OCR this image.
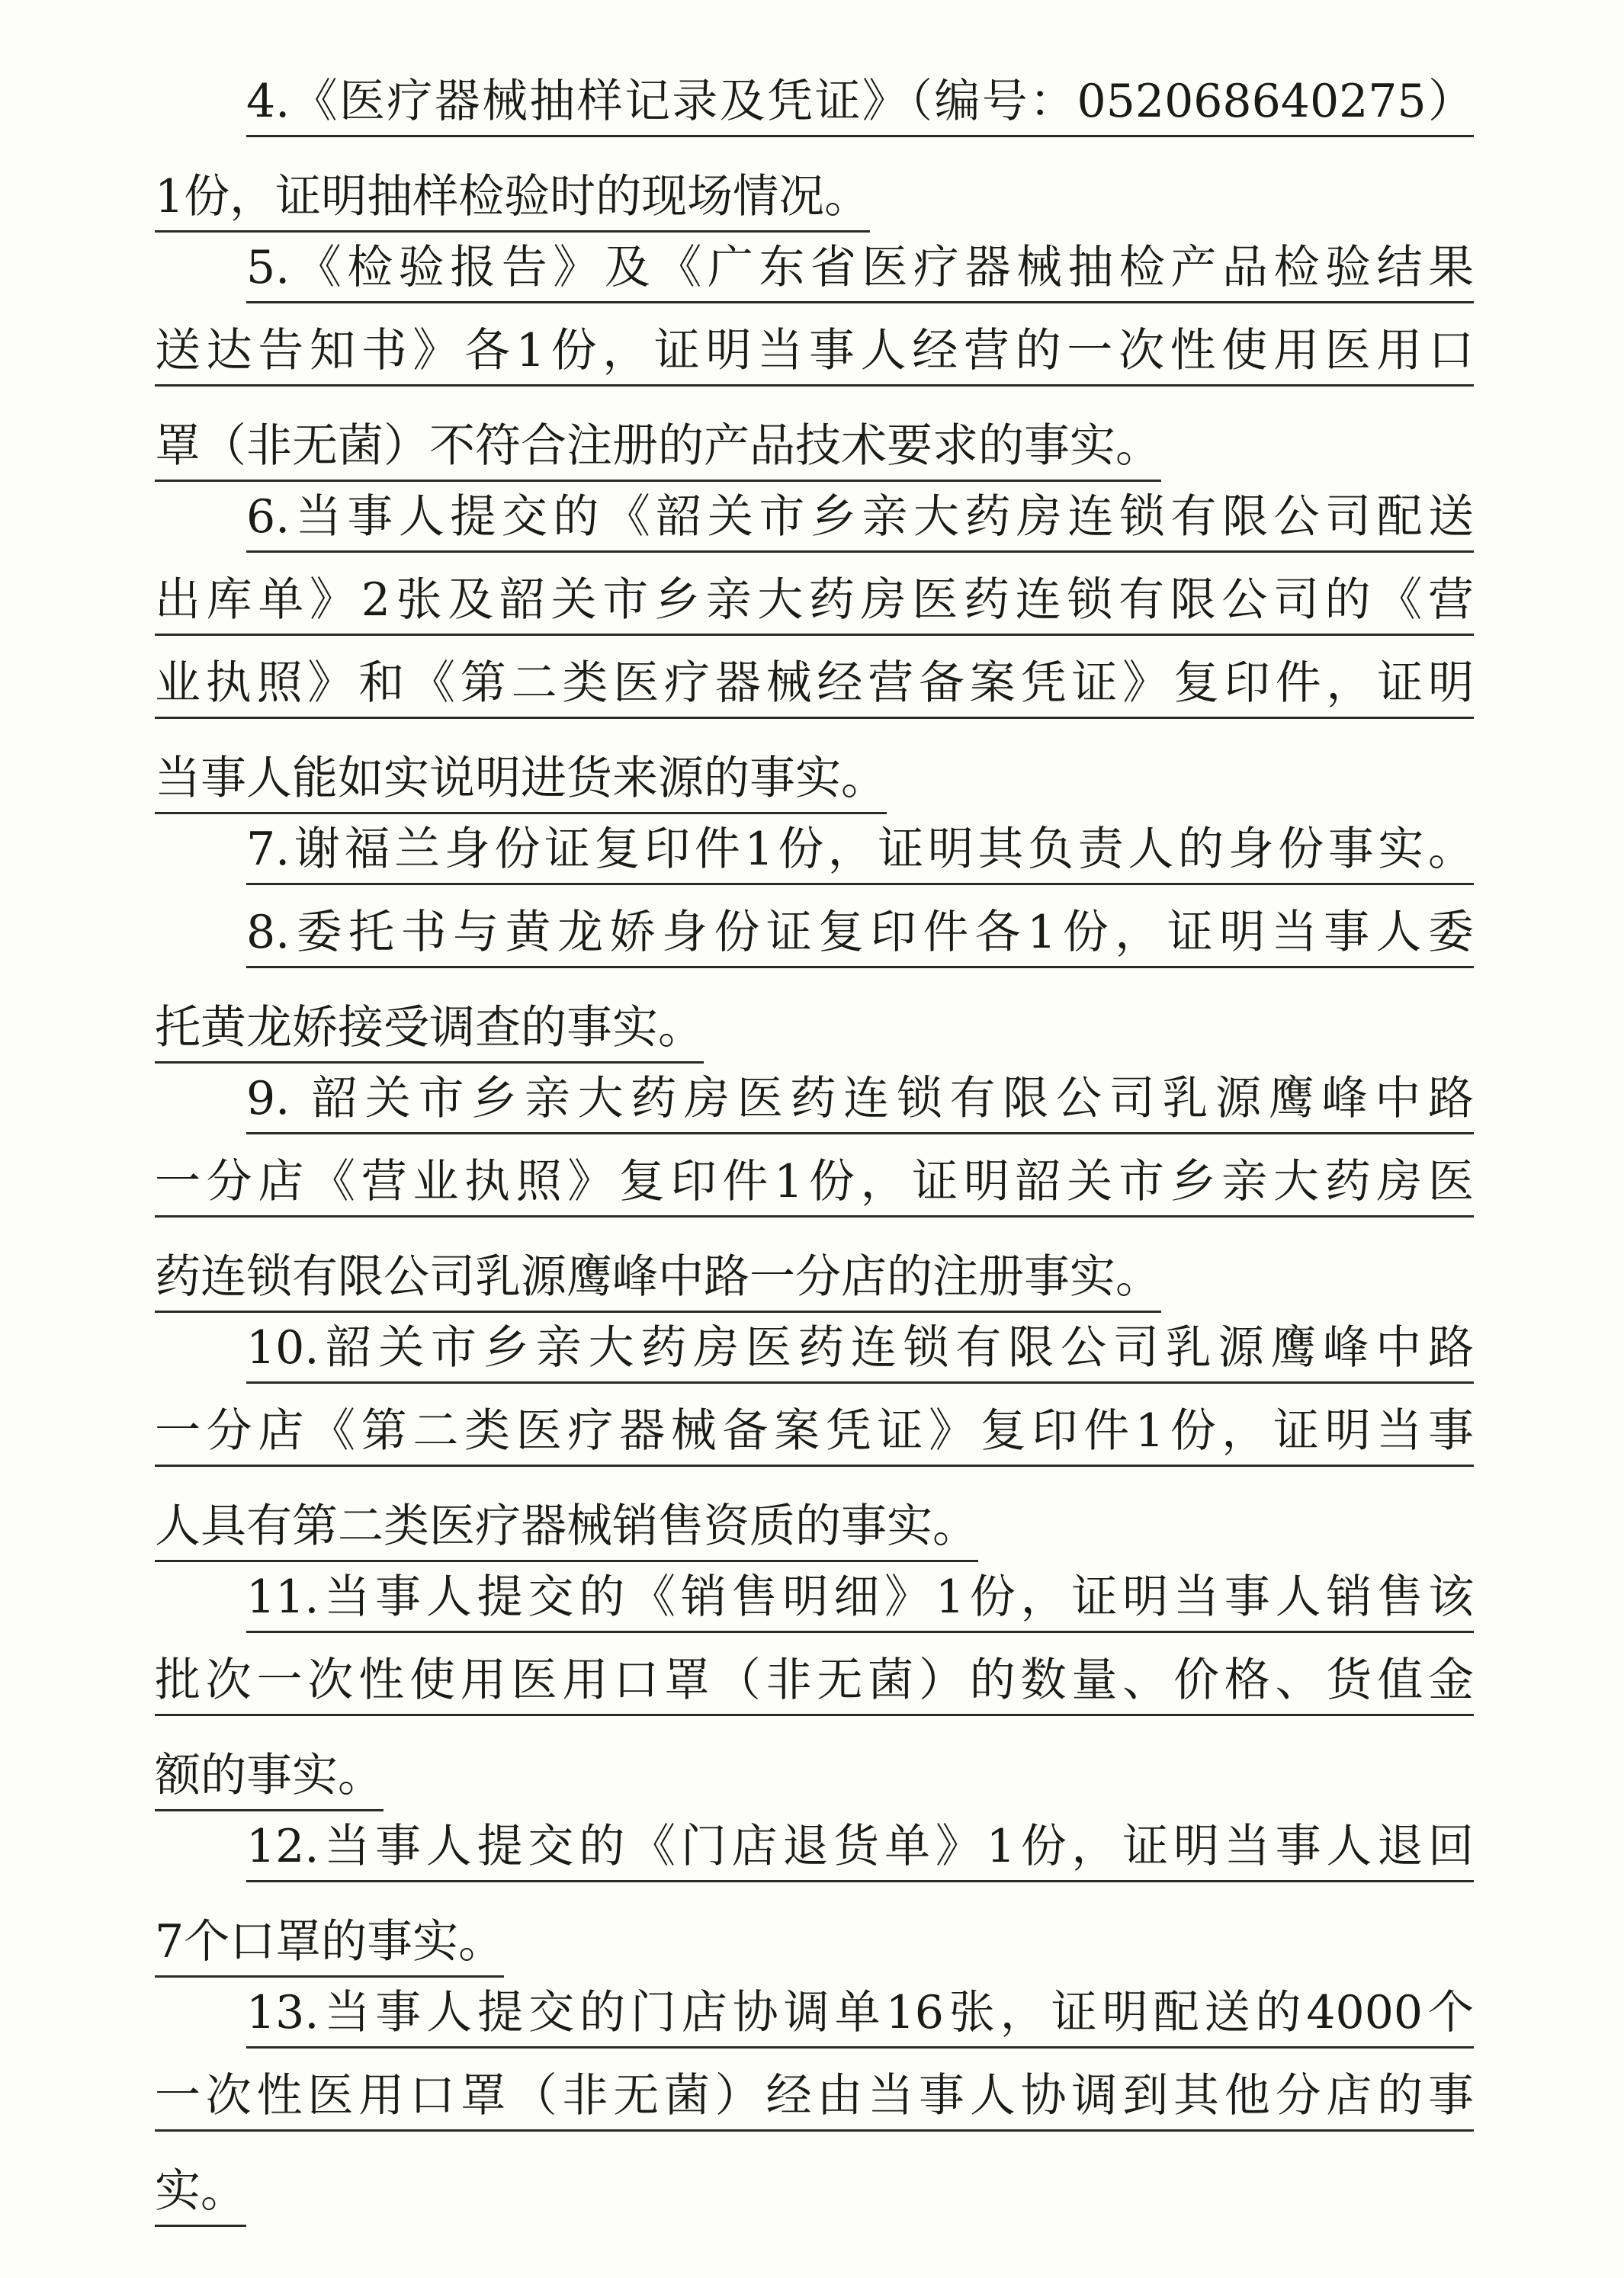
4.《医疗器械抽样记录及凭证》（编号：052068640275）
1份，证明抽样检验时的现场情况。
5.《检验报告》及《广东省医疗器械抽检产品检验结果
送达告知书》各1份，证明当事人经营的一次性使用医用口
罩（非无菌）不符合注册的产品技术要求的事实。
6.当事人提交的《韶关市乡亲大药房连锁有限公司配送
出库单》2张及韶关市乡亲大药房医药连锁有限公司的《营
业执照》和《第二类医疗器械经营备案凭证》复印件，证明
当事人能如实说明进货来源的事实。
7.谢福兰身份证复印件1份，证明其负责人的身份事实。
8.委托书与黄龙娇身份证复印件各1份，证明当事人委
托黄龙娇接受调查的事实。
9. 韶关市乡亲大药房医药连锁有限公司乳源鹰峰中路
一分店《营业执照》复印件1份，证明韶关市乡亲大药房医
药连锁有限公司乳源鹰峰中路一分店的注册事实。
10.韶关市乡亲大药房医药连锁有限公司乳源鹰峰中路
一分店《第二类医疗器械备案凭证》复印件1份，证明当事
人具有第二类医疗器械销售资质的事实。
11.当事人提交的《销售明细》1份，证明当事人销售该
批次一次性使用医用口罩（非无菌）的数量、价格、货值金
额的事实。
12.当事人提交的《门店退货单》1份，证明当事人退回
7个口罩的事实。
13.当事人提交的门店协调单16张，证明配送的4000个
一次性医用口罩（非无菌）经由当事人协调到其他分店的事
实。
